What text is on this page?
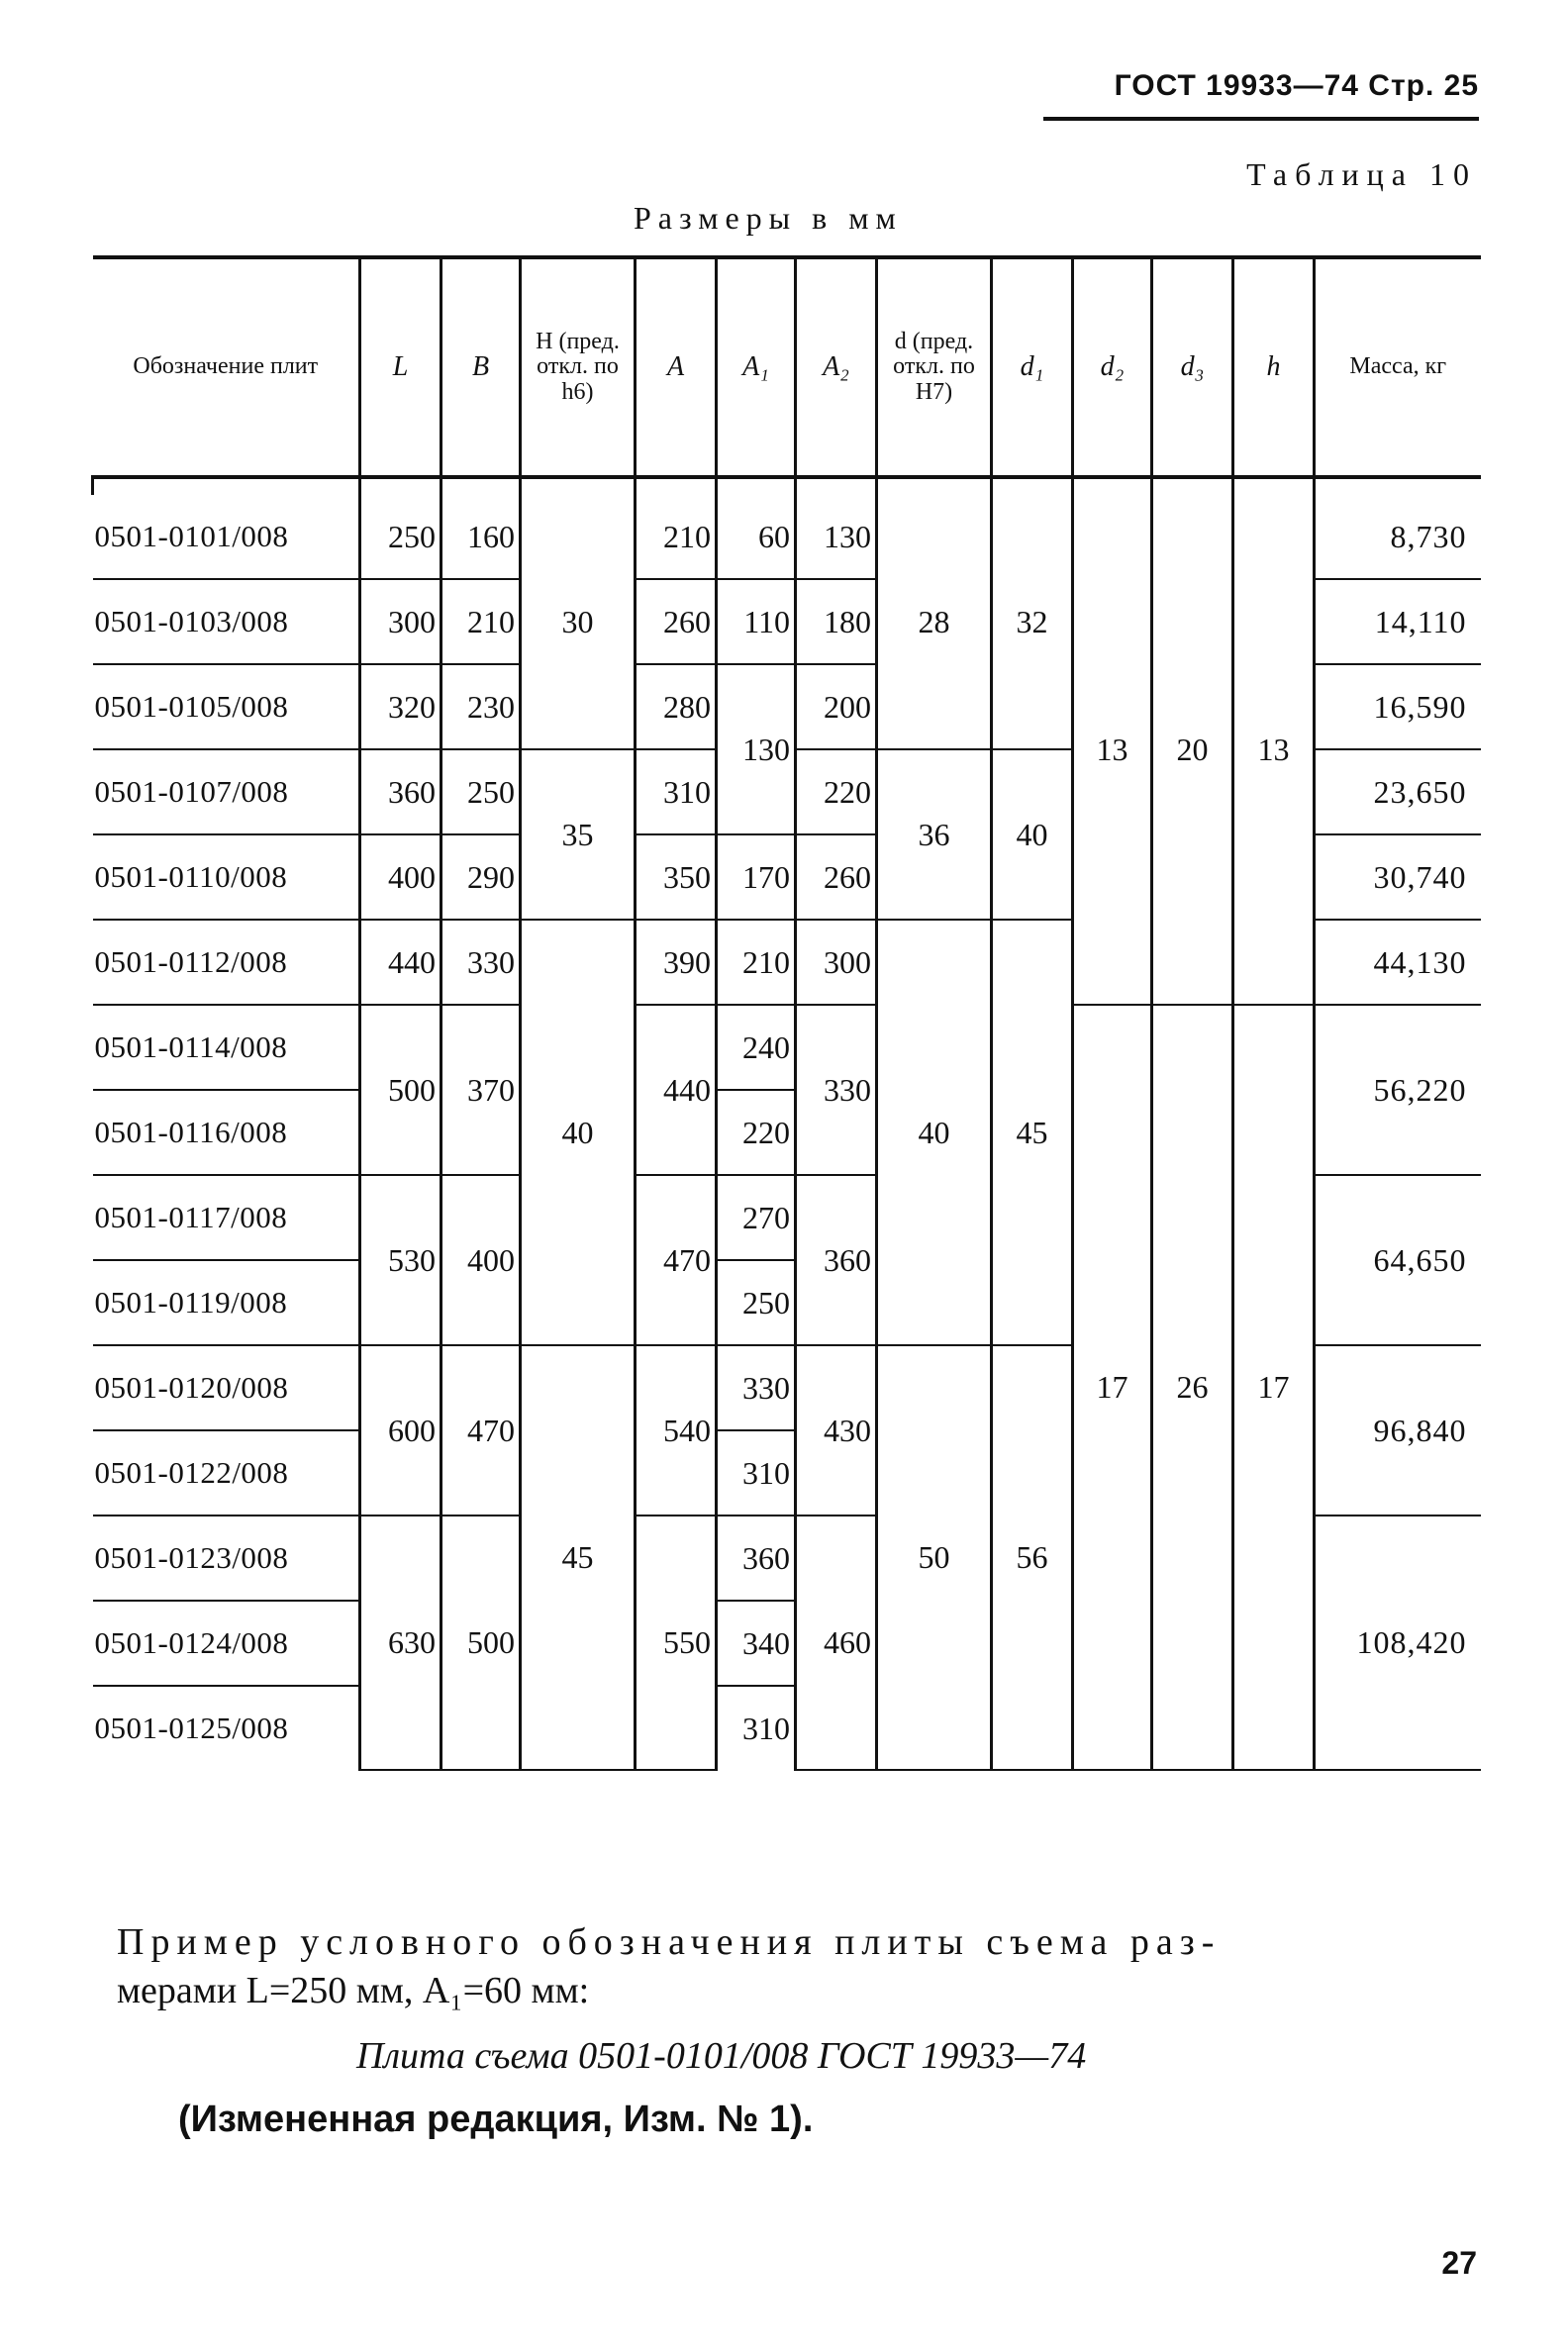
ГОСТ 19933—74 Стр. 25
Таблица 10
Размеры в мм
Обозначение плит	L	B	H (пред. откл. по h6)	A	A₁	A₂	d (пред. откл. по H7)	d₁	d₂	d₃	h	Масса, кг

0501-0101/008	250	160	30	210	60	130	28	32	13	20	13	8,730
0501-0103/008	300	210		260	110	180						14,110
0501-0105/008	320	230		280	130	200						16,590
0501-0107/008	360	250	35	310		220	36	40				23,650
0501-0110/008	400	290		350	170	260						30,740
0501-0112/008	440	330	40	390	210	300	40	45				44,130
0501-0114/008	500	370		440	240	330			17	26	17	56,220
0501-0116/008					220							
0501-0117/008	530	400		470	270	360						64,650
0501-0119/008					250							
0501-0120/008	600	470	45	540	330	430	50	56				96,840
0501-0122/008					310							
0501-0123/008	630	500		550	360	460						108,420
0501-0124/008					340							
0501-0125/008					310							
Пример условного обозначения плиты съема раз-
мерами L=250 мм, A₁=60 мм:
Плита съема 0501-0101/008 ГОСТ 19933—74
(Измененная редакция, Изм. № 1).
27
